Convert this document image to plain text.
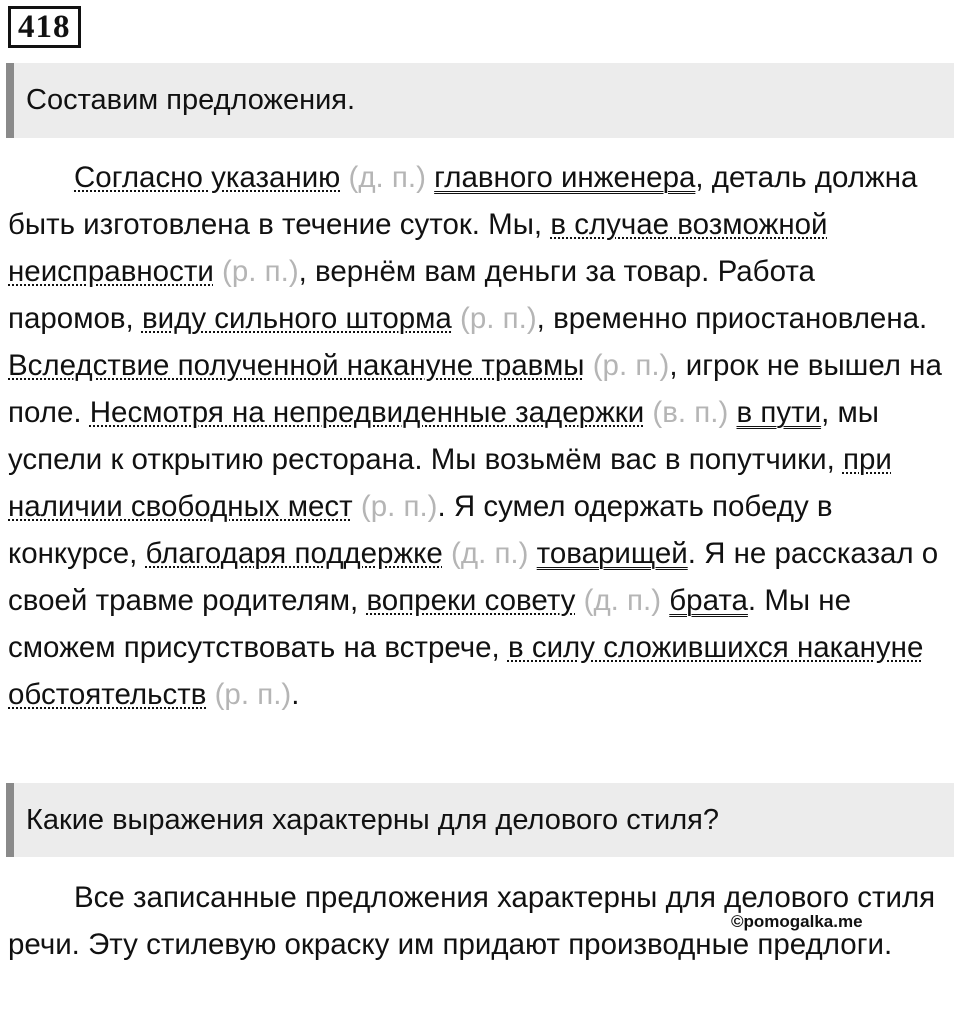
418
Составим предложения.

Согласно указанию (д. п.) главного инженера, деталь должна быть изготовлена в течение суток. Мы, в случае возможной неисправности (р. п.), вернём вам деньги за товар. Работа паромов, виду сильного шторма (р. п.), временно приостановлена. Вследствие полученной накануне травмы (р. п.), игрок не вышел на поле. Несмотря на непредвиденные задержки (в. п.) в пути, мы успели к открытию ресторана. Мы возьмём вас в попутчики, при наличии свободных мест (р. п.). Я сумел одержать победу в конкурсе, благодаря поддержке (д. п.) товарищей. Я не рассказал о своей травме родителям, вопреки совету (д. п.) брата. Мы не сможем присутствовать на встрече, в силу сложившихся накануне обстоятельств (р. п.).

Какие выражения характерны для делового стиля?

Все записанные предложения характерны для делового стиля речи. Эту стилевую окраску им придают производные предлоги.

©pomogalka.me
